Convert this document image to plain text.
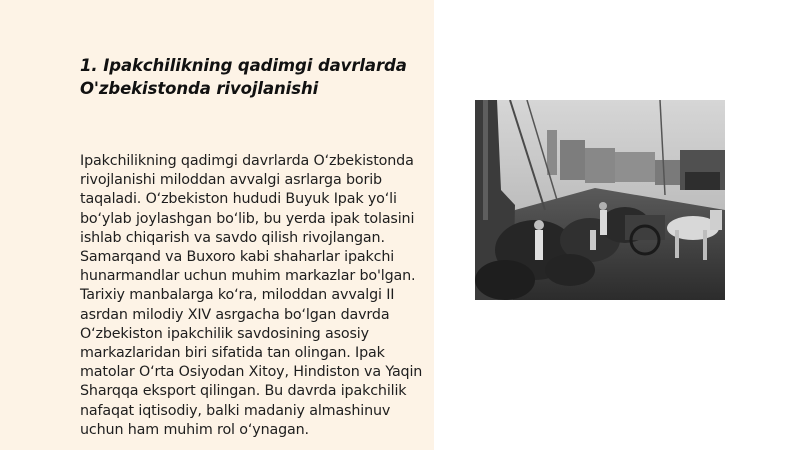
1. Ipakchilikning qadimgi davrlarda O'zbekistonda rivojlanishi

Ipakchilikning qadimgi davrlarda O‘zbekistonda rivojlanishi miloddan avvalgi asrlarga borib taqaladi. O‘zbekiston hududi Buyuk Ipak yo‘li bo‘ylab joylashgan bo‘lib, bu yerda ipak tolasini ishlab chiqarish va savdo qilish rivojlangan. Samarqand va Buxoro kabi shaharlar ipakchi hunarmandlar uchun muhim markazlar bo'lgan. Tarixiy manbalarga ko‘ra, miloddan avvalgi II asrdan milodiy XIV asrgacha bo‘lgan davrda O‘zbekiston ipakchilik savdosining asosiy markazlaridan biri sifatida tan olingan. Ipak matolar O‘rta Osiyodan Xitoy, Hindiston va Yaqin Sharqqa eksport qilingan. Bu davrda ipakchilik nafaqat iqtisodiy, balki madaniy almashinuv uchun ham muhim rol o‘ynagan.
